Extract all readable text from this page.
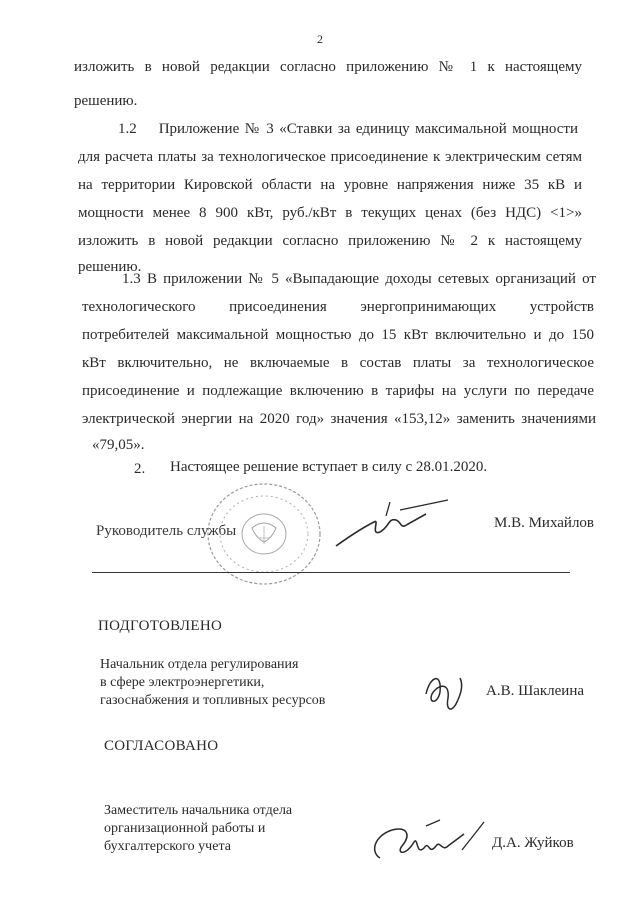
2
изложить в новой редакции согласно приложению № 1 к настоящему
решению.
1.2    Приложение № 3 «Ставки за единицу максимальной мощности
для расчета платы за технологическое присоединение к электрическим сетям
на территории Кировской области на уровне напряжения ниже 35 кВ и
мощности менее 8 900 кВт, руб./кВт в текущих ценах (без НДС) <1>»
изложить в новой редакции согласно приложению № 2 к настоящему
решению.
1.3 В приложении № 5 «Выпадающие доходы сетевых организаций от
технологического присоединения энергопринимающих устройств
потребителей максимальной мощностью до 15 кВт включительно и до 150
кВт включительно, не включаемые в состав платы за технологическое
присоединение и подлежащие включению в тарифы на услуги по передаче
электрической энергии на 2020 год» значения «153,12» заменить значениями
«79,05».
2. Настоящее решение вступает в силу с 28.01.2020.
Руководитель службы	М.В. Михайлов
ПОДГОТОВЛЕНО
Начальник отдела регулирования
в сфере электроэнергетики,
газоснабжения и топливных ресурсов
А.В. Шаклеина
СОГЛАСОВАНО
Заместитель начальника отдела
организационной работы и
бухгалтерского учета	Д.А. Жуйков
